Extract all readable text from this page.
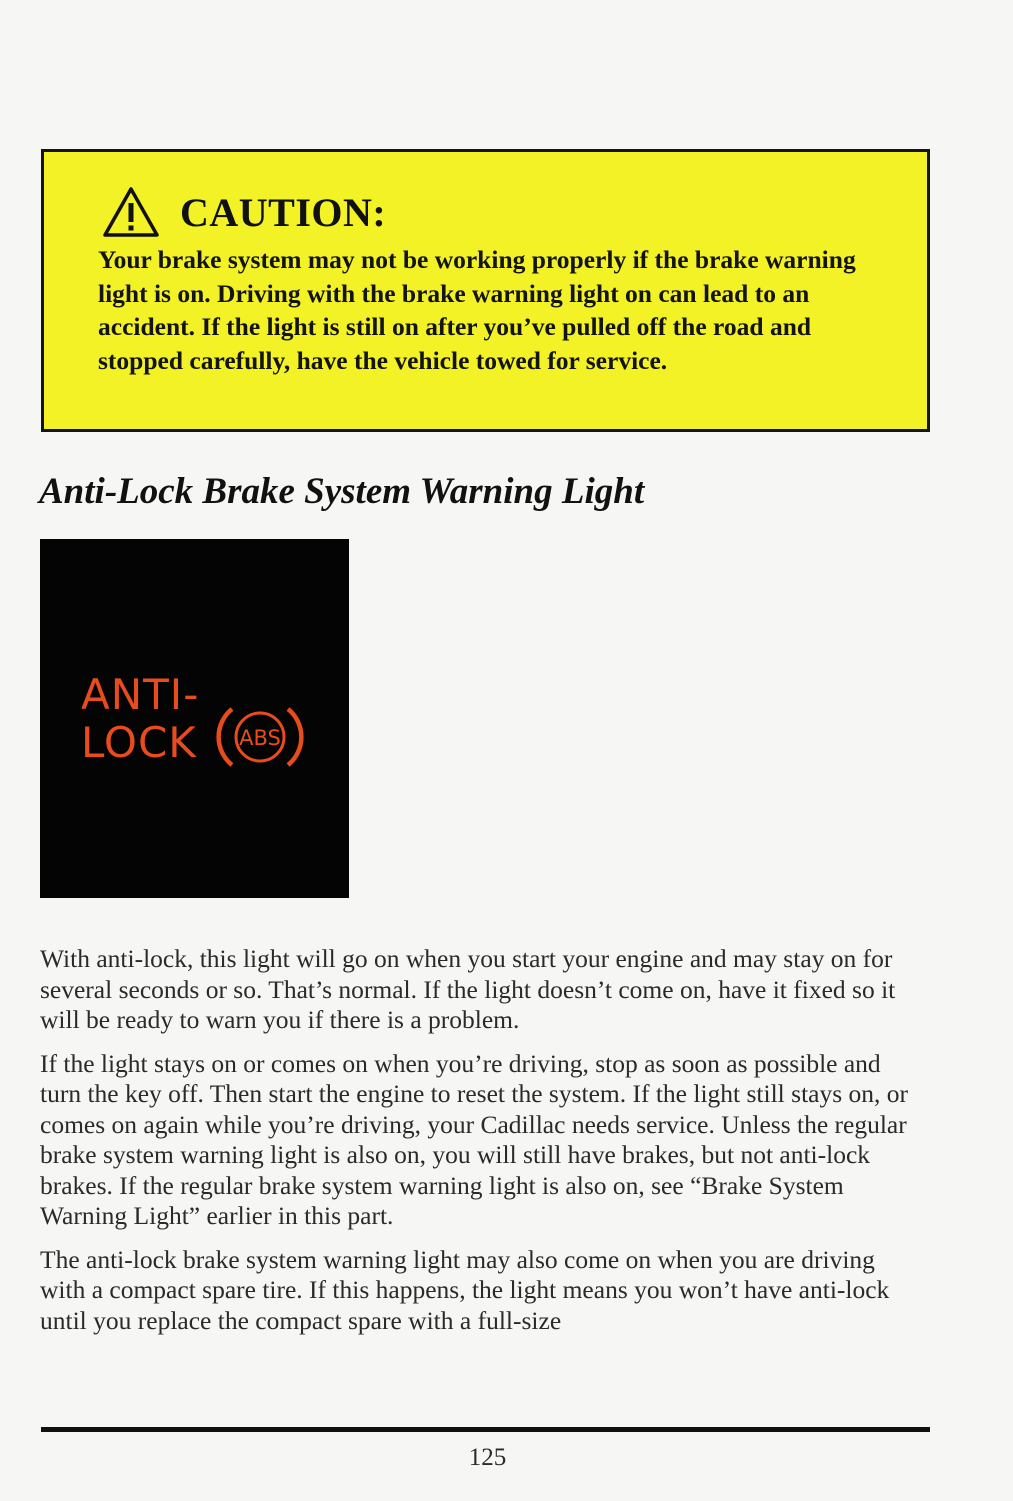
CAUTION:
Your brake system may not be working properly if the brake warning light is on. Driving with the brake warning light on can lead to an accident. If the light is still on after you’ve pulled off the road and stopped carefully, have the vehicle towed for service.
Anti-Lock Brake System Warning Light
ANTI-
LOCK ABS

With anti-lock, this light will go on when you start your engine and may stay on for several seconds or so. That’s normal. If the light doesn’t come on, have it fixed so it will be ready to warn you if there is a problem.

If the light stays on or comes on when you’re driving, stop as soon as possible and turn the key off. Then start the engine to reset the system. If the light still stays on, or comes on again while you’re driving, your Cadillac needs service. Unless the regular brake system warning light is also on, you will still have brakes, but not anti-lock brakes. If the regular brake system warning light is also on, see “Brake System Warning Light” earlier in this part.

The anti-lock brake system warning light may also come on when you are driving with a compact spare tire. If this happens, the light means you won’t have anti-lock until you replace the compact spare with a full-size

125
